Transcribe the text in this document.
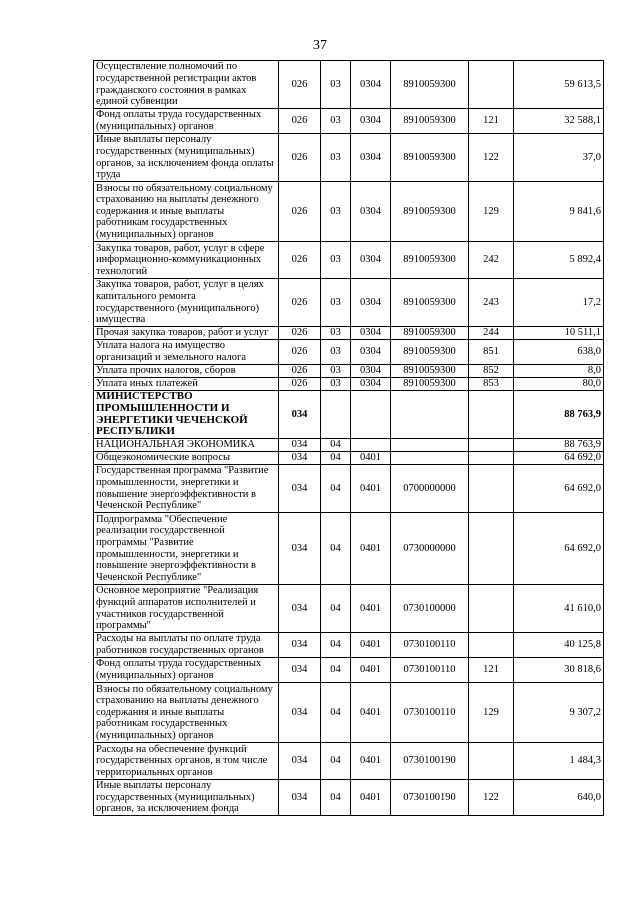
37
Осуществление полномочий по государственной регистрации актов гражданского состояния в рамках единой субвенции	026	03	0304	8910059300		59 613,5
Фонд оплаты труда государственных (муниципальных) органов	026	03	0304	8910059300	121	32 588,1
Иные выплаты персоналу государственных (муниципальных) органов, за исключением фонда оплаты труда	026	03	0304	8910059300	122	37,0
Взносы по обязательному социальному страхованию на выплаты денежного содержания и иные выплаты работникам государственных (муниципальных) органов	026	03	0304	8910059300	129	9 841,6
Закупка товаров, работ, услуг в сфере информационно-коммуникационных технологий	026	03	0304	8910059300	242	5 892,4
Закупка товаров, работ, услуг в целях капитального ремонта государственного (муниципального) имущества	026	03	0304	8910059300	243	17,2
Прочая закупка товаров, работ и услуг	026	03	0304	8910059300	244	10 511,1
Уплата налога на имущество организаций и земельного налога	026	03	0304	8910059300	851	638,0
Уплата прочих налогов, сборов	026	03	0304	8910059300	852	8,0
Уплата иных платежей	026	03	0304	8910059300	853	80,0
МИНИСТЕРСТВО ПРОМЫШЛЕННОСТИ И ЭНЕРГЕТИКИ ЧЕЧЕНСКОЙ РЕСПУБЛИКИ	034					88 763,9
НАЦИОНАЛЬНАЯ ЭКОНОМИКА	034	04				88 763,9
Общеэкономические вопросы	034	04	0401			64 692,0
Государственная программа "Развитие промышленности, энергетики и повышение энергоэффективности в Чеченской Республике"	034	04	0401	0700000000		64 692,0
Подпрограмма "Обеспечение реализации государственной программы "Развитие промышленности, энергетики и повышение энергоэффективности в Чеченской Республике"	034	04	0401	0730000000		64 692,0
Основное мероприятие "Реализация функций аппаратов исполнителей и участников государственной программы"	034	04	0401	0730100000		41 610,0
Расходы на выплаты по оплате труда работников государственных органов	034	04	0401	0730100110		40 125,8
Фонд оплаты труда государственных (муниципальных) органов	034	04	0401	0730100110	121	30 818,6
Взносы по обязательному социальному страхованию на выплаты денежного содержания и иные выплаты работникам государственных (муниципальных) органов	034	04	0401	0730100110	129	9 307,2
Расходы на обеспечение функций государственных органов, в том числе территориальных органов	034	04	0401	0730100190		1 484,3
Иные выплаты персоналу государственных (муниципальных) органов, за исключением фонда	034	04	0401	0730100190	122	640,0
